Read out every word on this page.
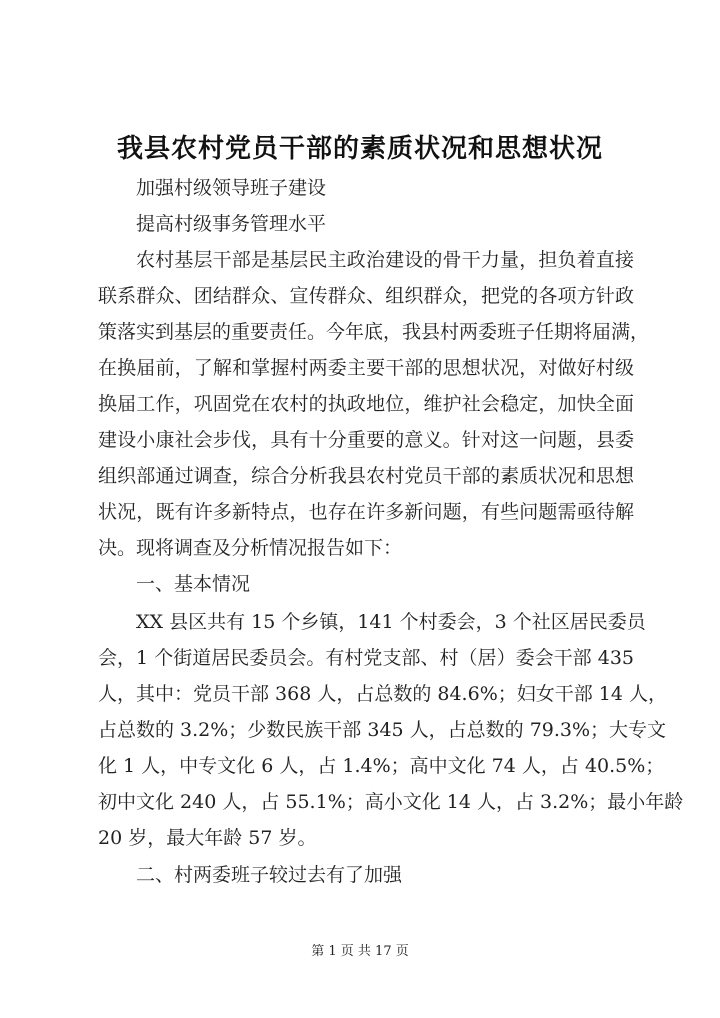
我县农村党员干部的素质状况和思想状况
加强村级领导班子建设
提高村级事务管理水平
农村基层干部是基层民主政治建设的骨干力量，担负着直接
联系群众、团结群众、宣传群众、组织群众，把党的各项方针政
策落实到基层的重要责任。今年底，我县村两委班子任期将届满，
在换届前，了解和掌握村两委主要干部的思想状况，对做好村级
换届工作，巩固党在农村的执政地位，维护社会稳定，加快全面
建设小康社会步伐，具有十分重要的意义。针对这一问题，县委
组织部通过调查，综合分析我县农村党员干部的素质状况和思想
状况，既有许多新特点，也存在许多新问题，有些问题需亟待解
决。现将调查及分析情况报告如下：
一、基本情况
XX 县区共有 15 个乡镇，141 个村委会，3 个社区居民委员
会，1 个街道居民委员会。有村党支部、村（居）委会干部 435
人，其中：党员干部 368 人，占总数的 84.6%；妇女干部 14 人，
占总数的 3.2%；少数民族干部 345 人，占总数的 79.3%；大专文
化 1 人，中专文化 6 人，占 1.4%；高中文化 74 人，占 40.5%；
初中文化 240 人，占 55.1%；高小文化 14 人，占 3.2%；最小年龄
20 岁，最大年龄 57 岁。
二、村两委班子较过去有了加强
第 1 页 共 17 页
